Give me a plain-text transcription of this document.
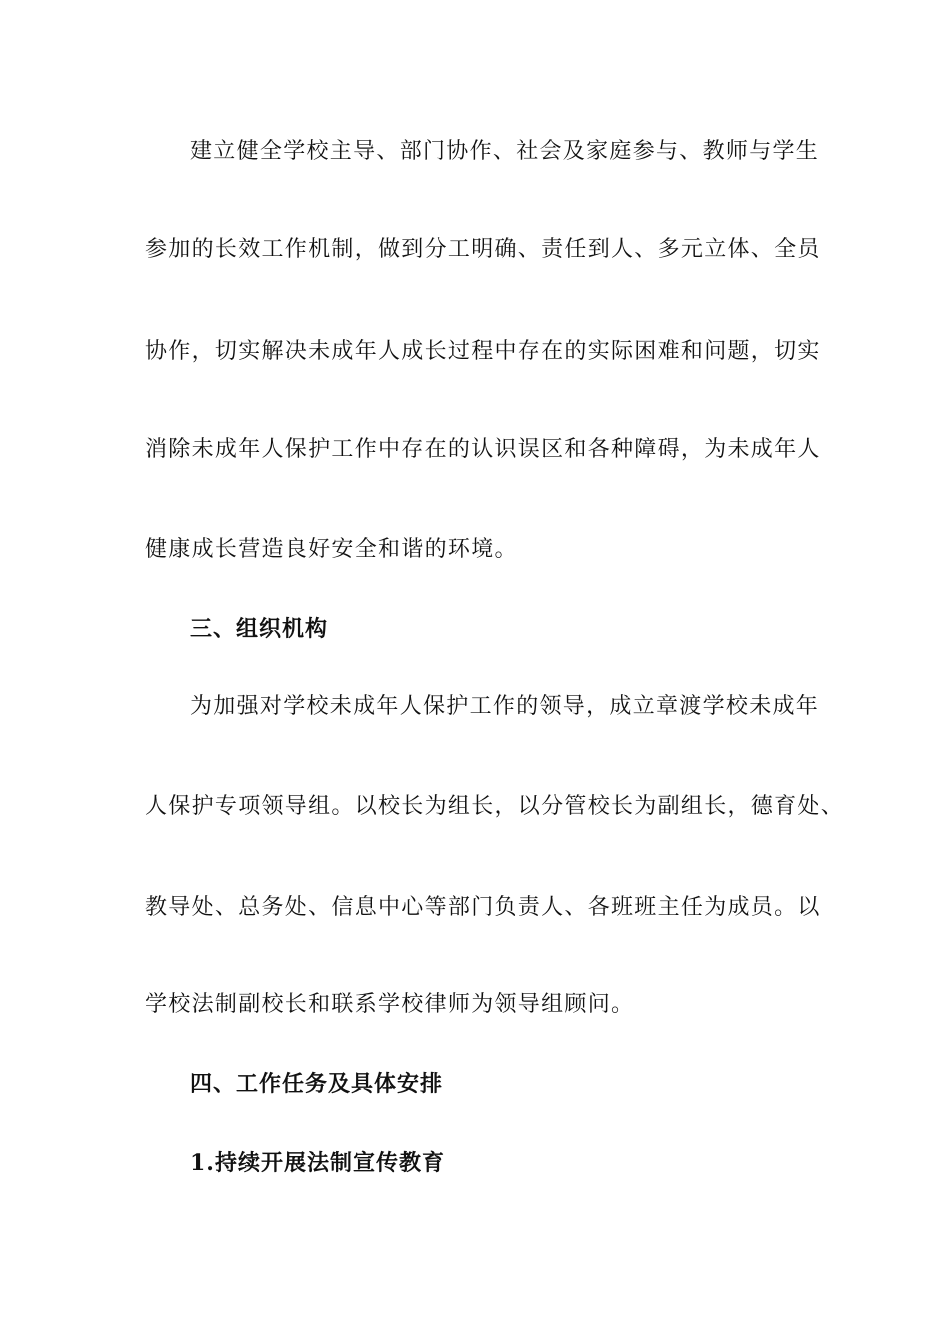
建立健全学校主导、部门协作、社会及家庭参与、教师与学生
参加的长效工作机制，做到分工明确、责任到人、多元立体、全员
协作，切实解决未成年人成长过程中存在的实际困难和问题，切实
消除未成年人保护工作中存在的认识误区和各种障碍，为未成年人
健康成长营造良好安全和谐的环境。
三、组织机构
为加强对学校未成年人保护工作的领导，成立章渡学校未成年
人保护专项领导组。以校长为组长，以分管校长为副组长，德育处、
教导处、总务处、信息中心等部门负责人、各班班主任为成员。以
学校法制副校长和联系学校律师为领导组顾问。
四、工作任务及具体安排
1.持续开展法制宣传教育
